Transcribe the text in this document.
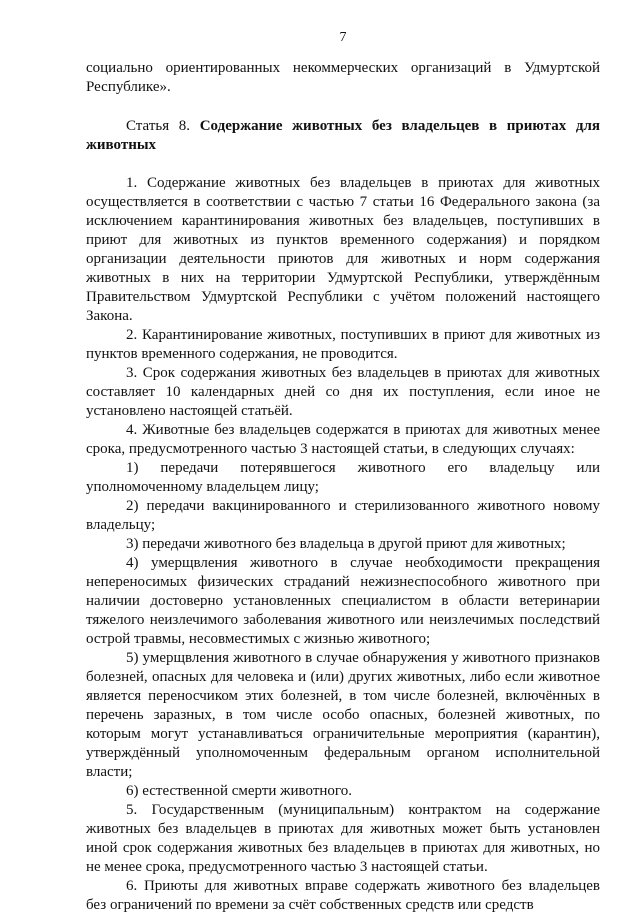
7

социально ориентированных некоммерческих организаций в Удмуртской Республике».

Статья 8. Содержание животных без владельцев в приютах для животных

1. Содержание животных без владельцев в приютах для животных осуществляется в соответствии с частью 7 статьи 16 Федерального закона (за исключением карантинирования животных без владельцев, поступивших в приют для животных из пунктов временного содержания) и порядком организации деятельности приютов для животных и норм содержания животных в них на территории Удмуртской Республики, утверждённым Правительством Удмуртской Республики с учётом положений настоящего Закона.

2. Карантинирование животных, поступивших в приют для животных из пунктов временного содержания, не проводится.

3. Срок содержания животных без владельцев в приютах для животных составляет 10 календарных дней со дня их поступления, если иное не установлено настоящей статьёй.

4. Животные без владельцев содержатся в приютах для животных менее срока, предусмотренного частью 3 настоящей статьи, в следующих случаях:

1) передачи потерявшегося животного его владельцу или уполномоченному владельцем лицу;

2) передачи вакцинированного и стерилизованного животного новому владельцу;

3) передачи животного без владельца в другой приют для животных;

4) умерщвления животного в случае необходимости прекращения непереносимых физических страданий нежизнеспособного животного при наличии достоверно установленных специалистом в области ветеринарии тяжелого неизлечимого заболевания животного или неизлечимых последствий острой травмы, несовместимых с жизнью животного;

5) умерщвления животного в случае обнаружения у животного признаков болезней, опасных для человека и (или) других животных, либо если животное является переносчиком этих болезней, в том числе болезней, включённых в перечень заразных, в том числе особо опасных, болезней животных, по которым могут устанавливаться ограничительные мероприятия (карантин), утверждённый уполномоченным федеральным органом исполнительной власти;

6) естественной смерти животного.

5. Государственным (муниципальным) контрактом на содержание животных без владельцев в приютах для животных может быть установлен иной срок содержания животных без владельцев в приютах для животных, но не менее срока, предусмотренного частью 3 настоящей статьи.

6. Приюты для животных вправе содержать животного без владельцев без ограничений по времени за счёт собственных средств или средств
